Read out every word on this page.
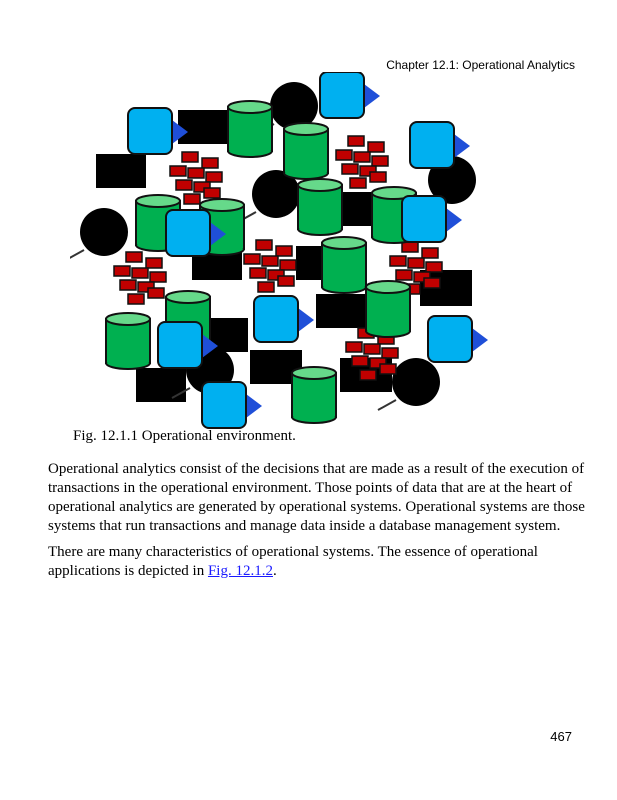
Chapter 12.1: Operational Analytics
Fig. 12.1.1 Operational environment.

Operational analytics consist of the decisions that are made as a result of the execution of transactions in the operational environment. Those points of data that are at the heart of operational analytics are generated by operational systems. Operational systems are those systems that run transactions and manage data inside a database management system.

There are many characteristics of operational systems. The essence of operational applications is depicted in Fig. 12.1.2.

467
